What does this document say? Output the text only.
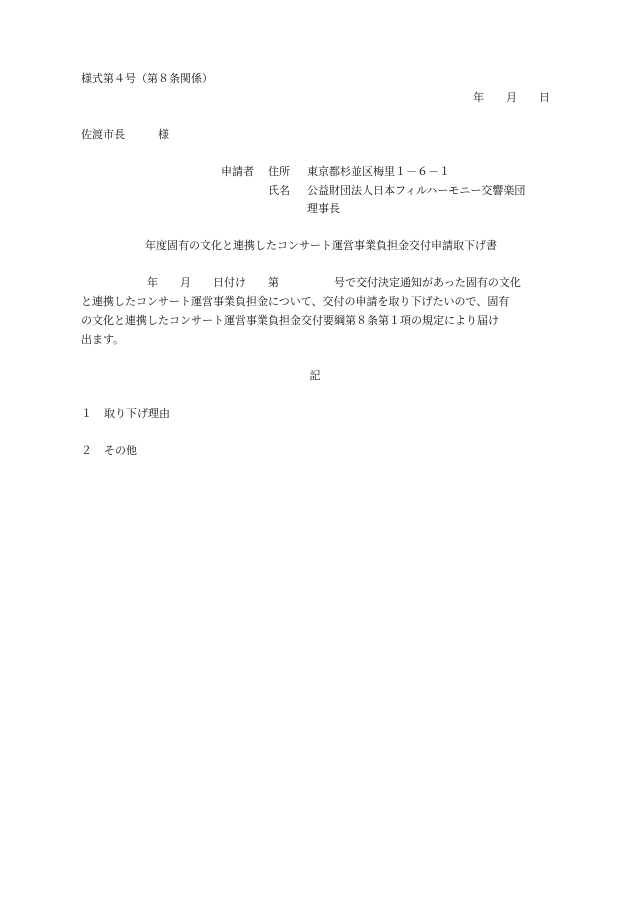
様式第４号（第８条関係）
年　　月　　日
佐渡市長　　　様
申請者 住所 東京都杉並区梅里１－６－１
氏名 公益財団法人日本フィルハーモニー交響楽団
理事長
年度固有の文化と連携したコンサート運営事業負担金交付申請取下げ書
　　　　　　年　　月　　日付け　　第　　　　　号で交付決定通知があった固有の文化
と連携したコンサート運営事業負担金について、交付の申請を取り下げたいので、固有
の文化と連携したコンサート運営事業負担金交付要綱第８条第１項の規定により届け
出ます。
記
１ 取り下げ理由
２ その他
